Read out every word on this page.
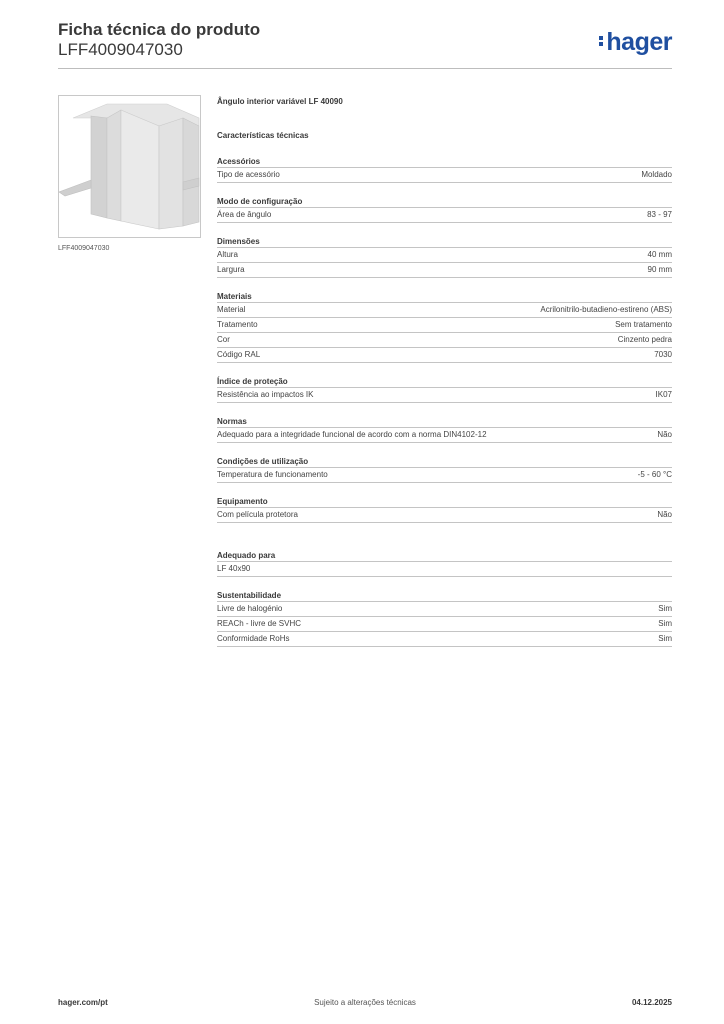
Ficha técnica do produto
LFF4009047030	hager
LFF4009047030
Ângulo interior variável LF 40090
Características técnicas
Acessórios
Tipo de acessório	Moldado
Modo de configuração
Área de ângulo	83 - 97
Dimensões
Altura	40 mm
Largura	90 mm
Materiais
Material	Acrilonitrilo-butadieno-estireno (ABS)
Tratamento	Sem tratamento
Cor	Cinzento pedra
Código RAL	7030
Índice de proteção
Resistência ao impactos IK	IK07
Normas
Adequado para a integridade funcional de acordo com a norma DIN4102-12	Não
Condições de utilização
Temperatura de funcionamento	-5 - 60 °C
Equipamento
Com película protetora	Não
Adequado para
LF 40x90
Sustentabilidade
Livre de halogénio	Sim
REACh - livre de SVHC	Sim
Conformidade RoHs	Sim
hager.com/pt	Sujeito a alterações técnicas	04.12.2025
